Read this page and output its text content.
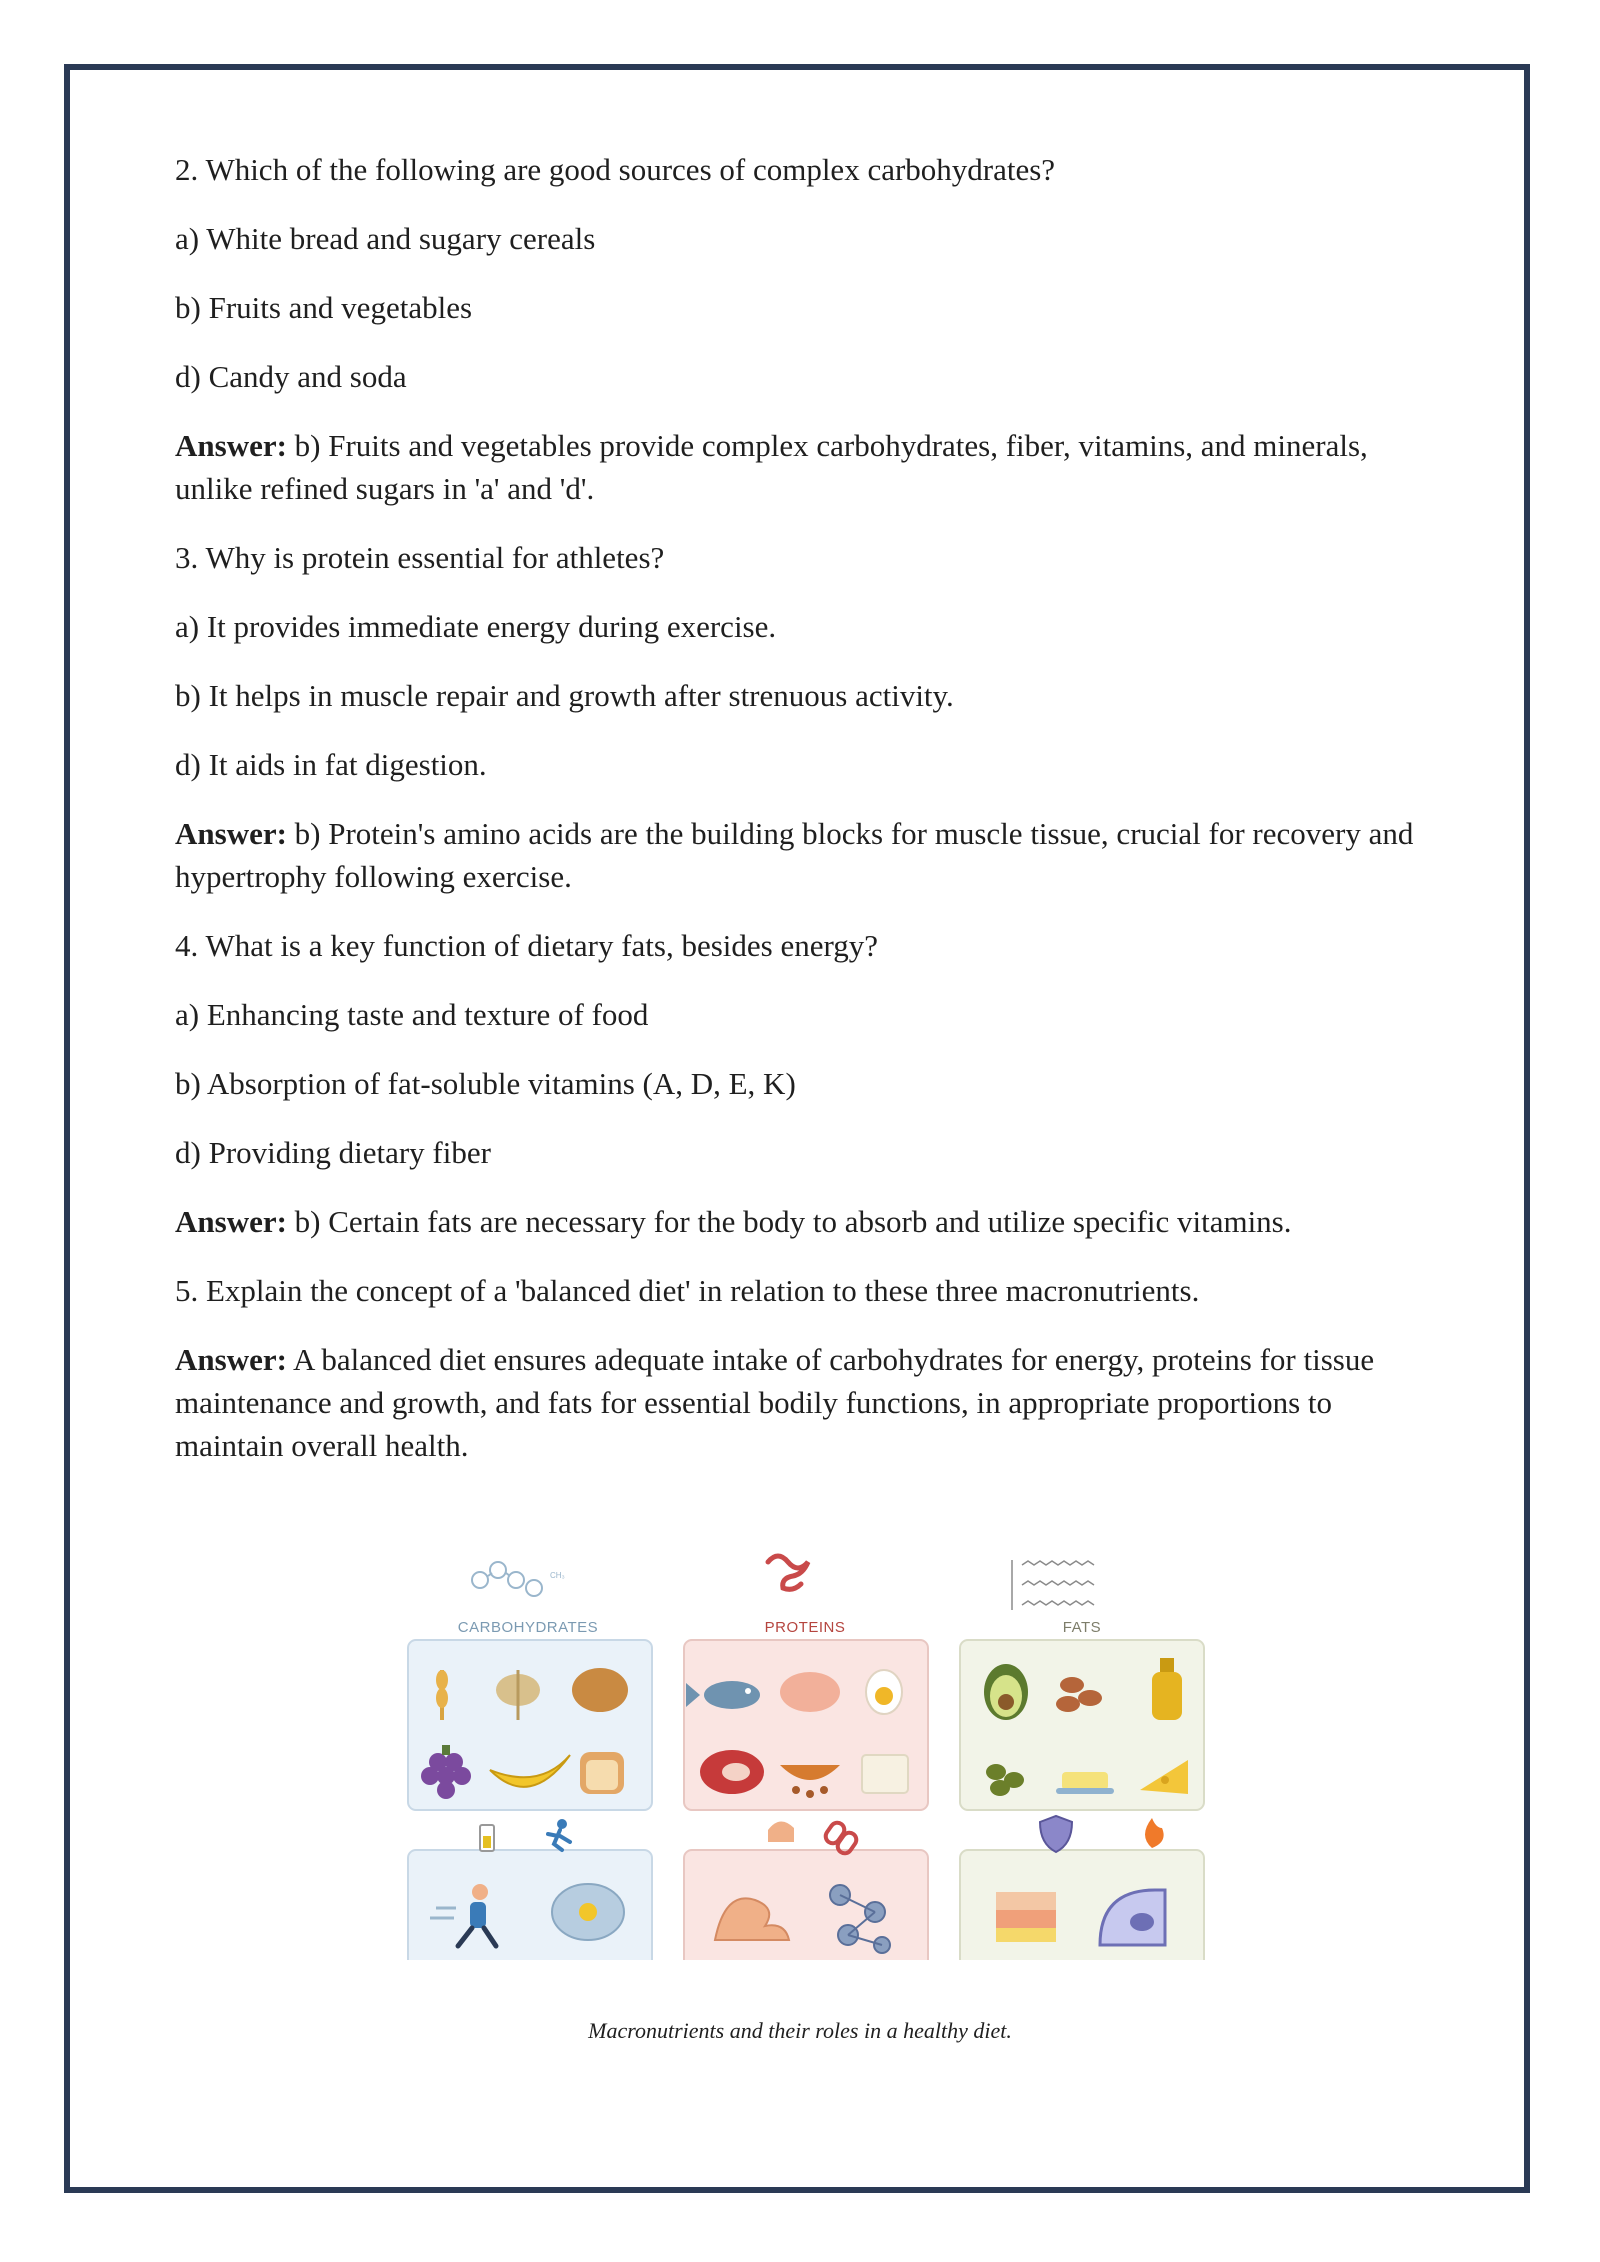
2. Which of the following are good sources of complex carbohydrates?

a) White bread and sugary cereals

b) Fruits and vegetables

d) Candy and soda

Answer: b) Fruits and vegetables provide complex carbohydrates, fiber, vitamins, and minerals, unlike refined sugars in 'a' and 'd'.

3. Why is protein essential for athletes?

a) It provides immediate energy during exercise.

b) It helps in muscle repair and growth after strenuous activity.

d) It aids in fat digestion.

Answer: b) Protein's amino acids are the building blocks for muscle tissue, crucial for recovery and hypertrophy following exercise.

4. What is a key function of dietary fats, besides energy?

a) Enhancing taste and texture of food

b) Absorption of fat-soluble vitamins (A, D, E, K)

d) Providing dietary fiber

Answer: b) Certain fats are necessary for the body to absorb and utilize specific vitamins.

5. Explain the concept of a 'balanced diet' in relation to these three macronutrients.

Answer: A balanced diet ensures adequate intake of carbohydrates for energy, proteins for tissue maintenance and growth, and fats for essential bodily functions, in appropriate proportions to maintain overall health.

CH₃
CARBOHYDRATES	PROTEINS	FATS
Macronutrients and their roles in a healthy diet.
